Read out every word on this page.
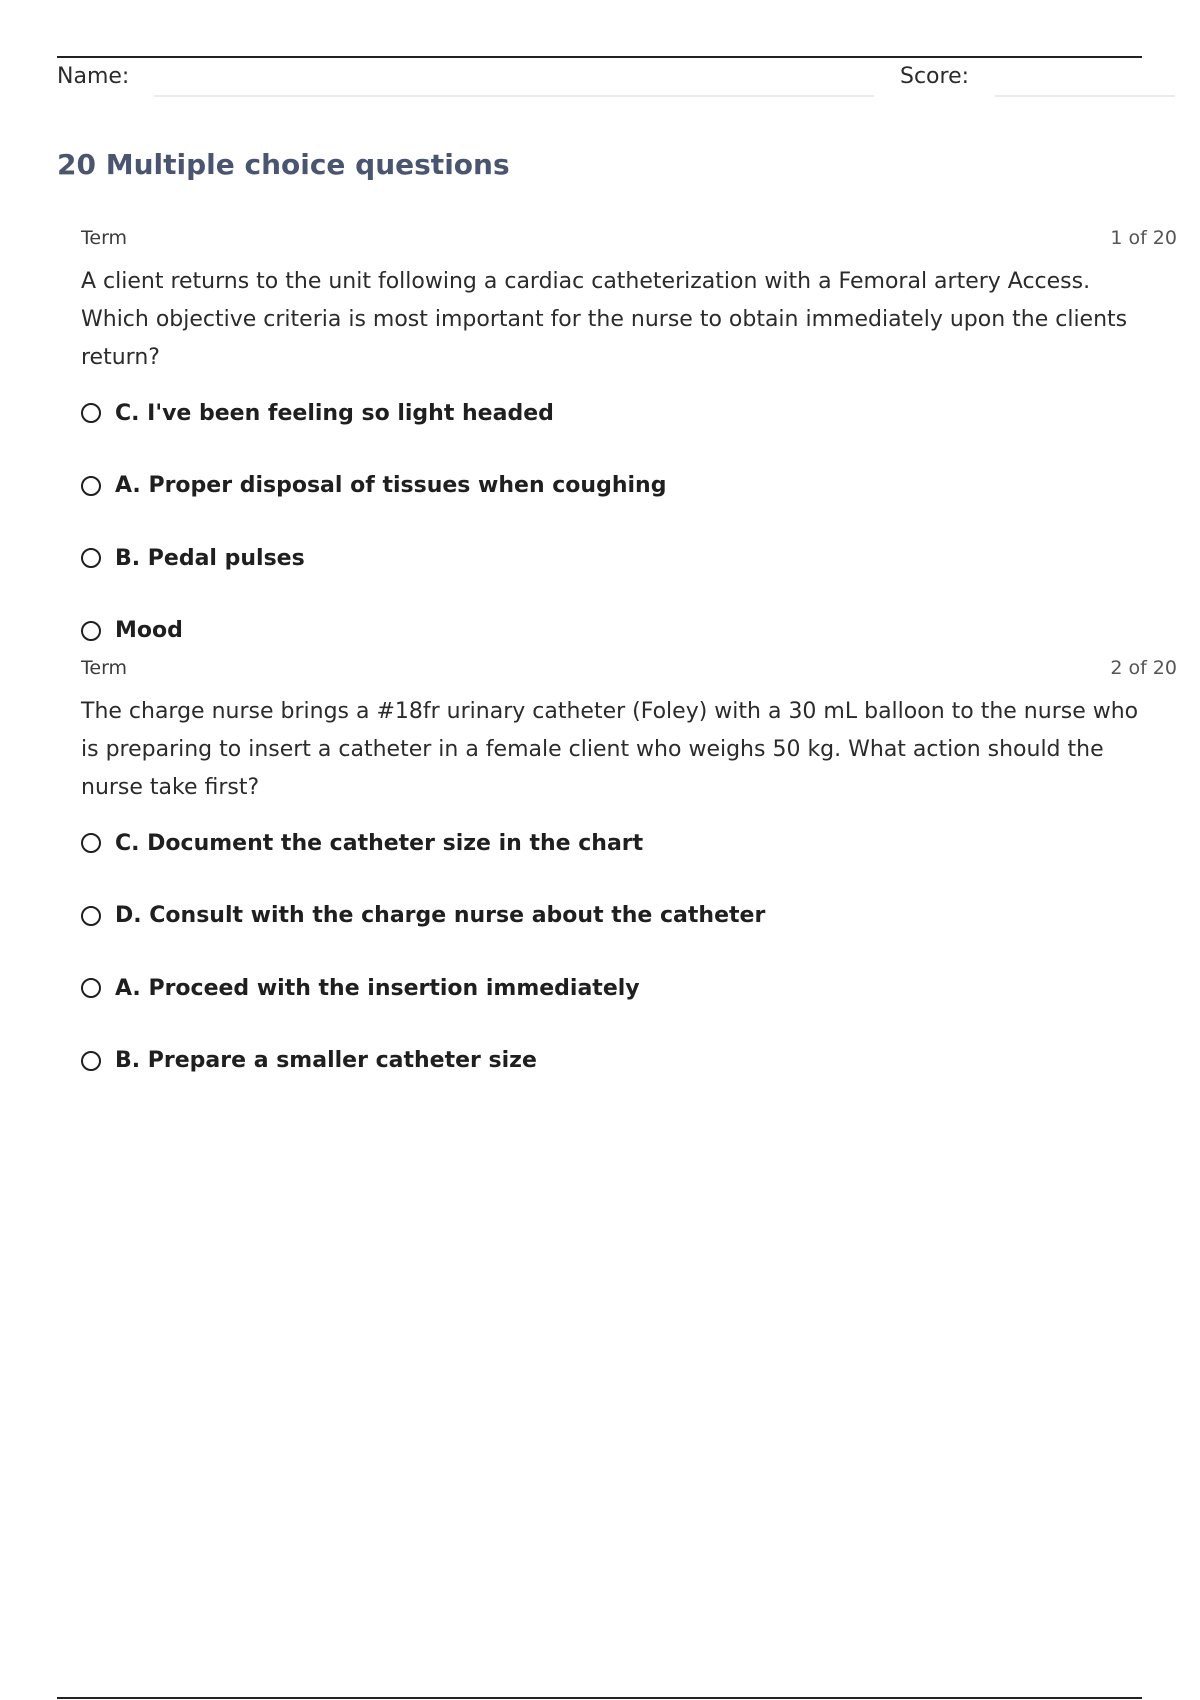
Name:	Score:
20 Multiple choice questions
Term	1 of 20

A client returns to the unit following a cardiac catheterization with a Femoral artery Access. Which objective criteria is most important for the nurse to obtain immediately upon the clients return?

C. I've been feeling so light headed
A. Proper disposal of tissues when coughing
B. Pedal pulses
Mood
Term	2 of 20

The charge nurse brings a #18fr urinary catheter (Foley) with a 30 mL balloon to the nurse who is preparing to insert a catheter in a female client who weighs 50 kg. What action should the nurse take first?

C. Document the catheter size in the chart
D. Consult with the charge nurse about the catheter
A. Proceed with the insertion immediately
B. Prepare a smaller catheter size
